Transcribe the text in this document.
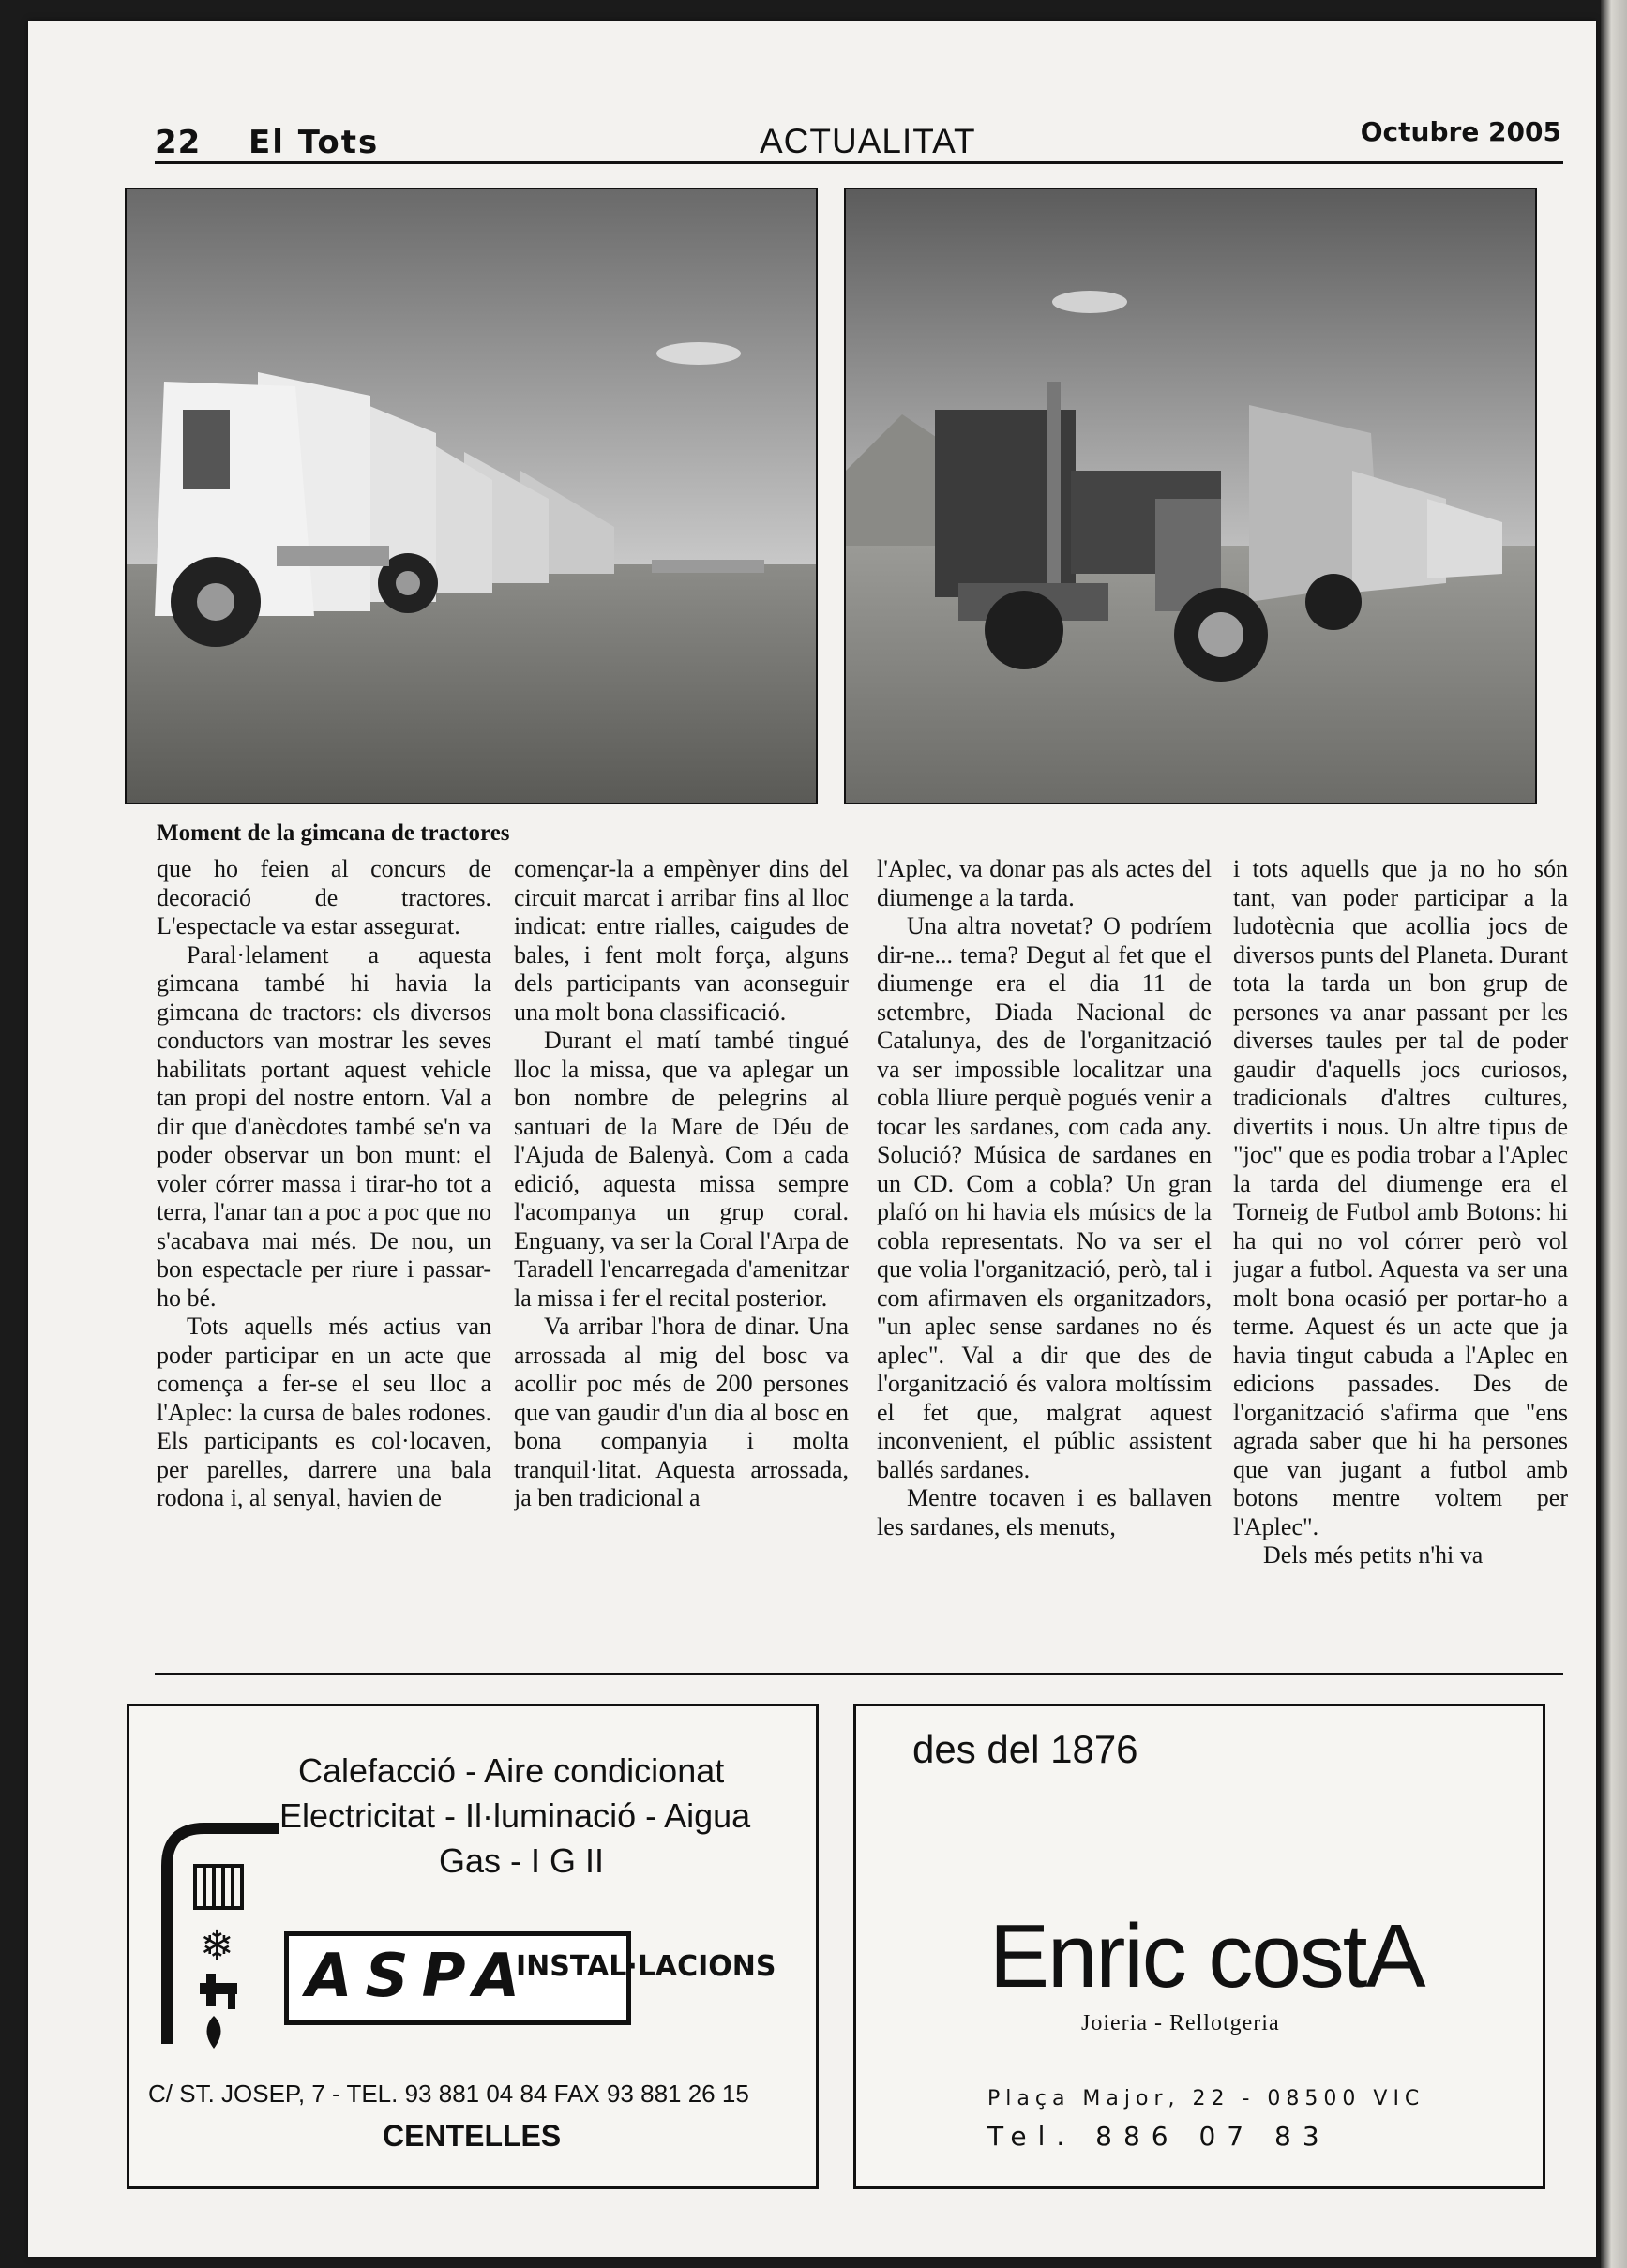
22 El Tots	ACTUALITAT	Octubre 2005
Moment de la gimcana de tractores

que ho feien al concurs de decoració de tractores. L'espectacle va estar assegurat.

Paral·lelament a aquesta gimcana també hi havia la gimcana de tractors: els diversos conductors van mostrar les seves habilitats portant aquest vehicle tan propi del nostre entorn. Val a dir que d'anècdotes també se'n va poder observar un bon munt: el voler córrer massa i tirar-ho tot a terra, l'anar tan a poc a poc que no s'acabava mai més. De nou, un bon espectacle per riure i passar-ho bé.

Tots aquells més actius van poder participar en un acte que comença a fer-se el seu lloc a l'Aplec: la cursa de bales rodones. Els participants es col·locaven, per parelles, darrere una bala rodona i, al senyal, havien de

començar-la a empènyer dins del circuit marcat i arribar fins al lloc indicat: entre rialles, caigudes de bales, i fent molt força, alguns dels participants van aconseguir una molt bona classificació.

Durant el matí també tingué lloc la missa, que va aplegar un bon nombre de pelegrins al santuari de la Mare de Déu de l'Ajuda de Balenyà. Com a cada edició, aquesta missa sempre l'acompanya un grup coral. Enguany, va ser la Coral l'Arpa de Taradell l'encarregada d'amenitzar la missa i fer el recital posterior.

Va arribar l'hora de dinar. Una arrossada al mig del bosc va acollir poc més de 200 persones que van gaudir d'un dia al bosc en bona companyia i molta tranquil·litat. Aquesta arrossada, ja ben tradicional a

l'Aplec, va donar pas als actes del diumenge a la tarda.

Una altra novetat? O podríem dir-ne... tema? Degut al fet que el diumenge era el dia 11 de setembre, Diada Nacional de Catalunya, des de l'organització va ser impossible localitzar una cobla lliure perquè pogués venir a tocar les sardanes, com cada any. Solució? Música de sardanes en un CD. Com a cobla? Un gran plafó on hi havia els músics de la cobla representats. No va ser el que volia l'organització, però, tal i com afirmaven els organitzadors, "un aplec sense sardanes no és aplec". Val a dir que des de l'organització és valora moltíssim el fet que, malgrat aquest inconvenient, el públic assistent ballés sardanes.

Mentre tocaven i es ballaven les sardanes, els menuts,

i tots aquells que ja no ho són tant, van poder participar a la ludotècnia que acollia jocs de diversos punts del Planeta. Durant tota la tarda un bon grup de persones va anar passant per les diverses taules per tal de poder gaudir d'aquells jocs curiosos, tradicionals d'altres cultures, divertits i nous. Un altre tipus de "joc" que es podia trobar a l'Aplec la tarda del diumenge era el Torneig de Futbol amb Botons: hi ha qui no vol córrer però vol jugar a futbol. Aquesta va ser una molt bona ocasió per portar-ho a terme. Aquest és un acte que ja havia tingut cabuda a l'Aplec en edicions passades. Des de l'organització s'afirma que "ens agrada saber que hi ha persones que van jugant a futbol amb botons mentre voltem per l'Aplec".

Dels més petits n'hi va

Calefacció - Aire condicionat
Electricitat - Il·luminació - Aigua
Gas - I G II
❄ ASPA
INSTAL·LACIONS
C/ ST. JOSEP, 7 - TEL. 93 881 04 84 FAX 93 881 26 15
CENTELLES
des del 1876
Enric costA
Joieria - Rellotgeria
Plaça Major, 22 - 08500 VIC
Tel. 886 07 83
